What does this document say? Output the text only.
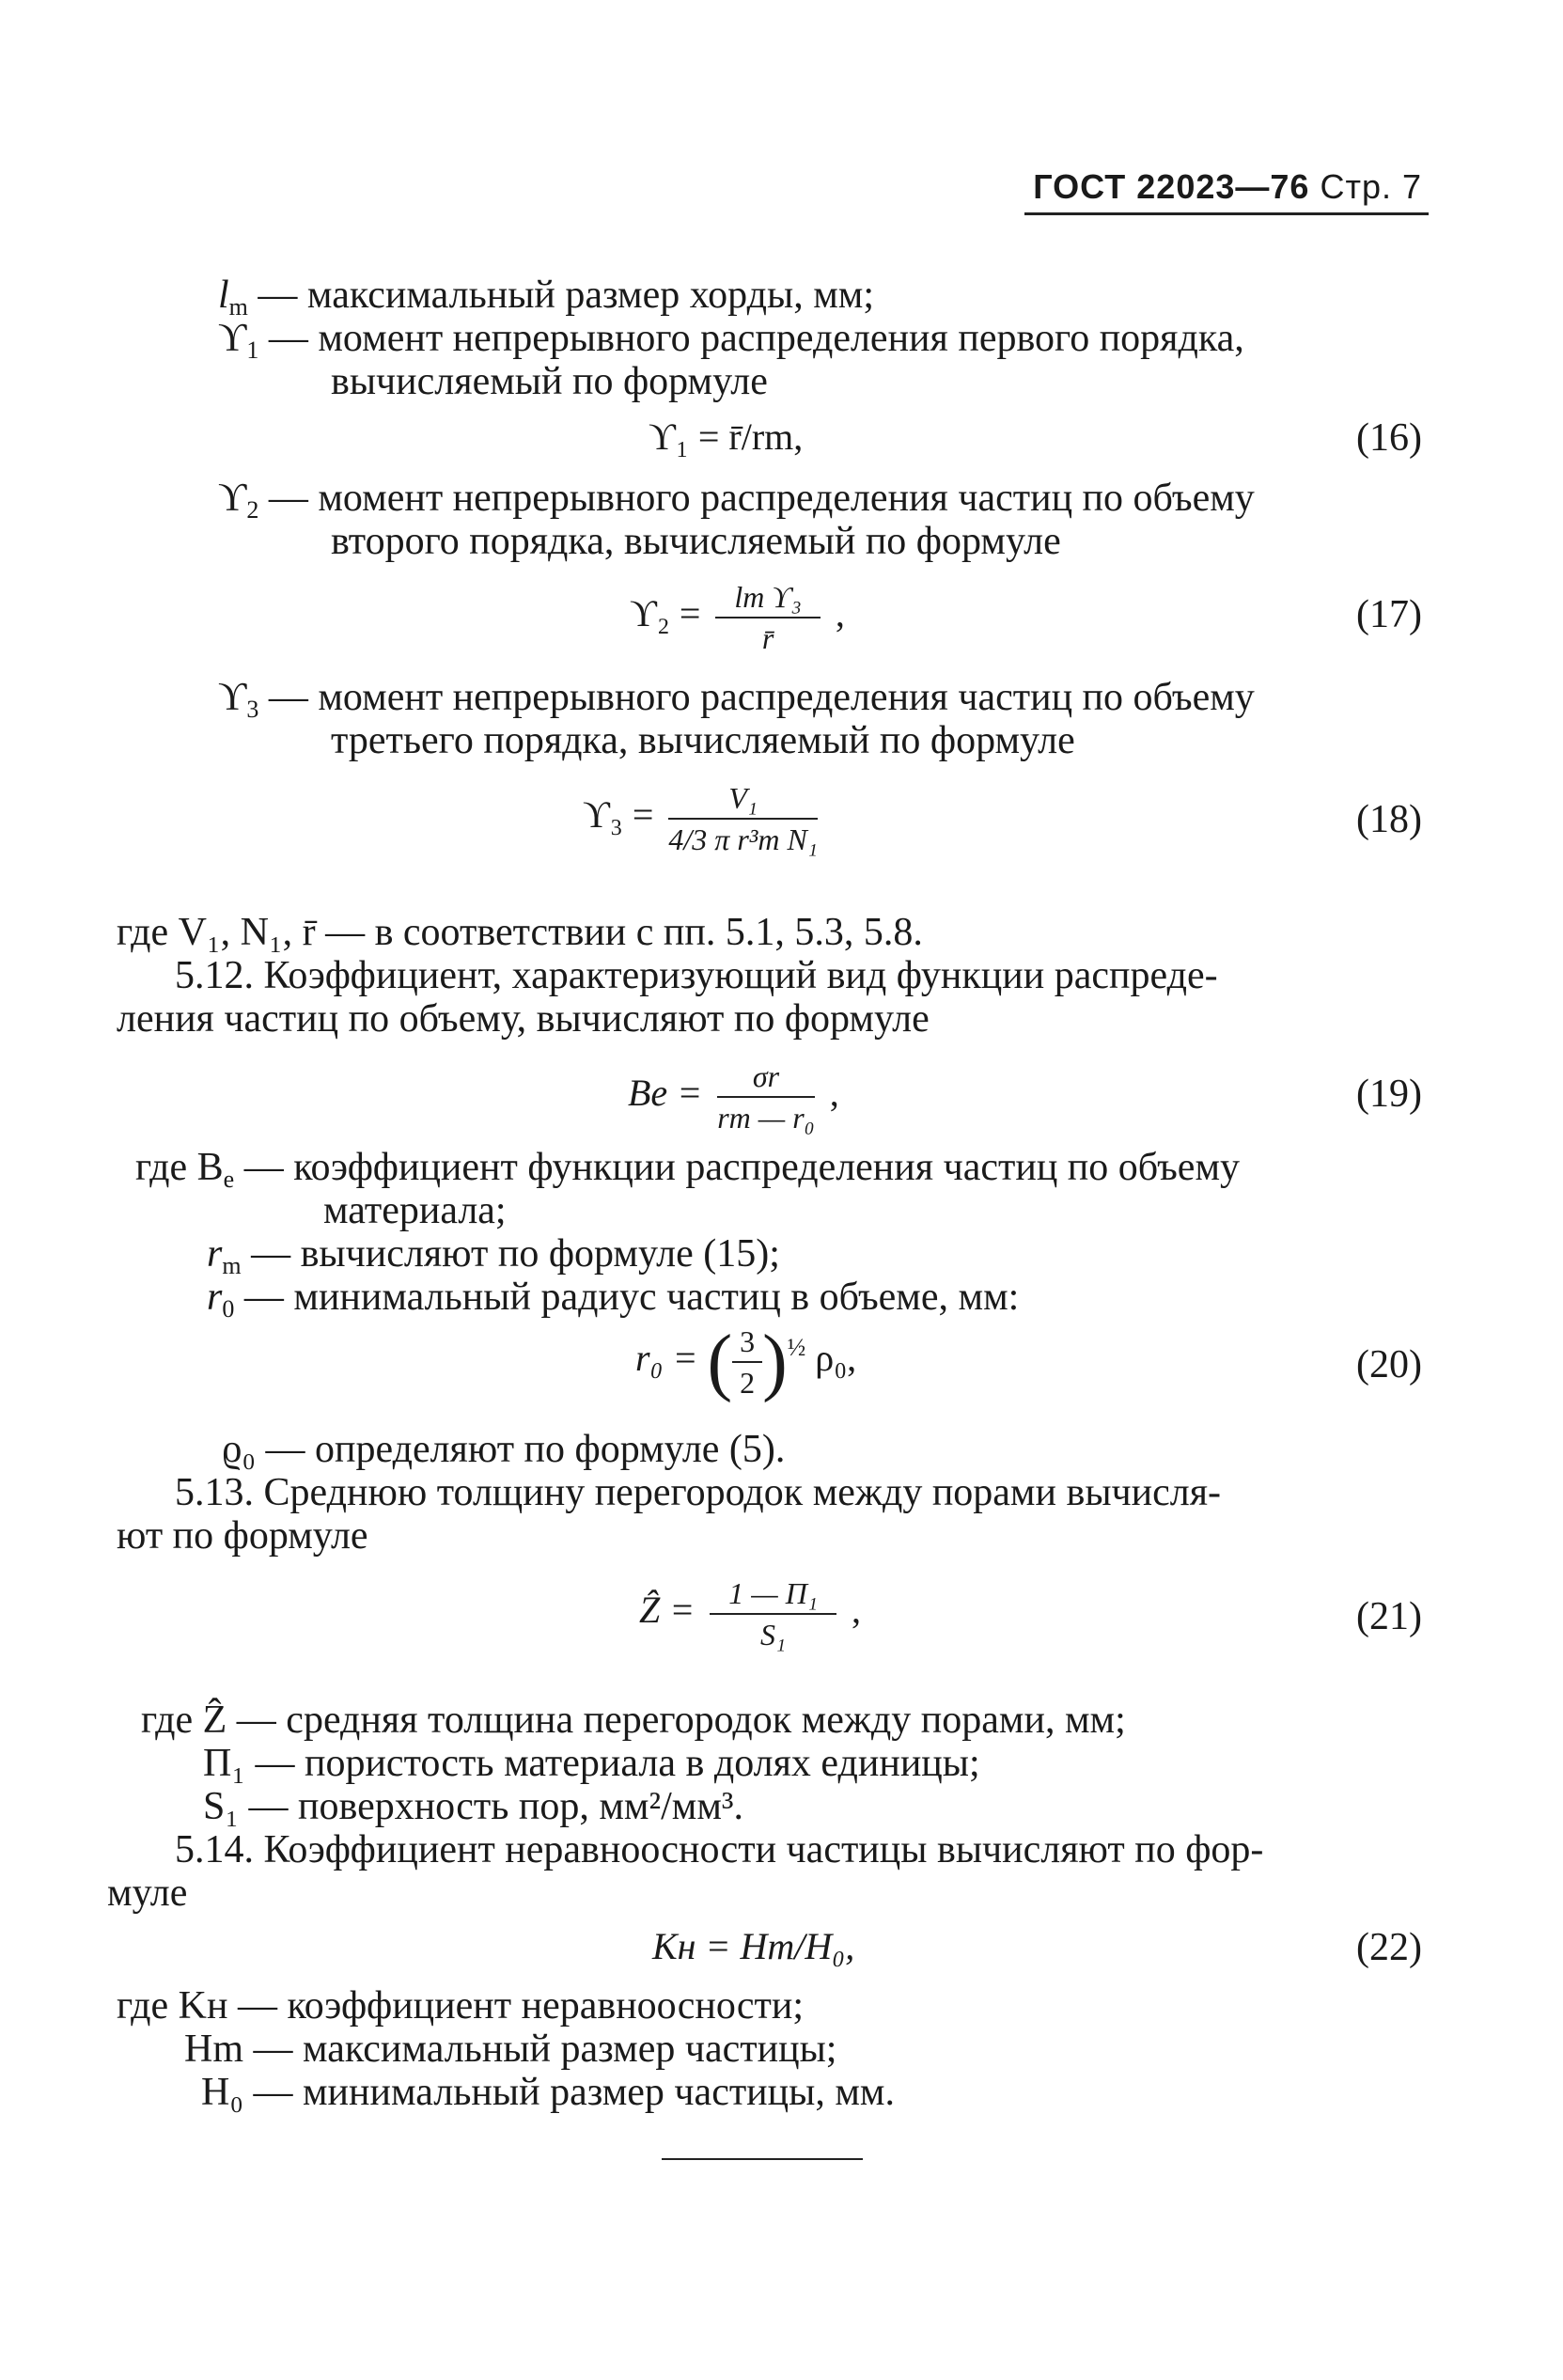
ГОСТ 22023—76 Стр. 7
$l_m$ — максимальный размер хорды, мм;
$ϒ_1$ — момент непрерывного распределения первого порядка,
вычисляемый по формуле
ϒ₁ = r̄/rm,	(16)
$ϒ_2$ — момент непрерывного распределения частиц по объему
второго порядка, вычисляемый по формуле
$ϒ_2 = \frac{\text{lm ϒ₃}}{r̄}$ ,	(17)
$ϒ_3$ — момент непрерывного распределения частиц по объему
третьего порядка, вычисляемый по формуле
$ϒ_3 = \frac{\text{V₁}}{\text{4/3 π r³m N₁}}$	(18)
где V₁, N₁, r̄ — в соответствии с пп. 5.1, 5.3, 5.8.
5.12. Коэффициент, характеризующий вид функции распреде-
ления частиц по объему, вычисляют по формуле
$Be = \frac{\sigma r}{\text{rm — r₀}}$ ,	(19)
где $B_e$ — коэффициент функции распределения частиц по объему
материала;
$r_m$ — вычисляют по формуле (15);
$r_0$ — минимальный радиус частиц в объеме, мм:
r₀ = ( $\frac{3}{2} )^{\frac{1}{2}}$ ρ₀,	(20)
ϱ₀ — определяют по формуле (5).
5.13. Среднюю толщину перегородок между порами вычисля-
ют по формуле
Ẑ = $\frac{\text{1 — П₁}}{\text{S₁}}$ ,	(21)
где Ẑ — средняя толщина перегородок между порами, мм;
П₁ — пористость материала в долях единицы;
S₁ — поверхность пор, мм²/мм³.
5.14. Коэффициент неравноосности частицы вычисляют по фор-
муле
Kн = Hm/H₀,	(22)
где Kн — коэффициент неравноосности;
Hm — максимальный размер частицы;
H₀ — минимальный размер частицы, мм.
